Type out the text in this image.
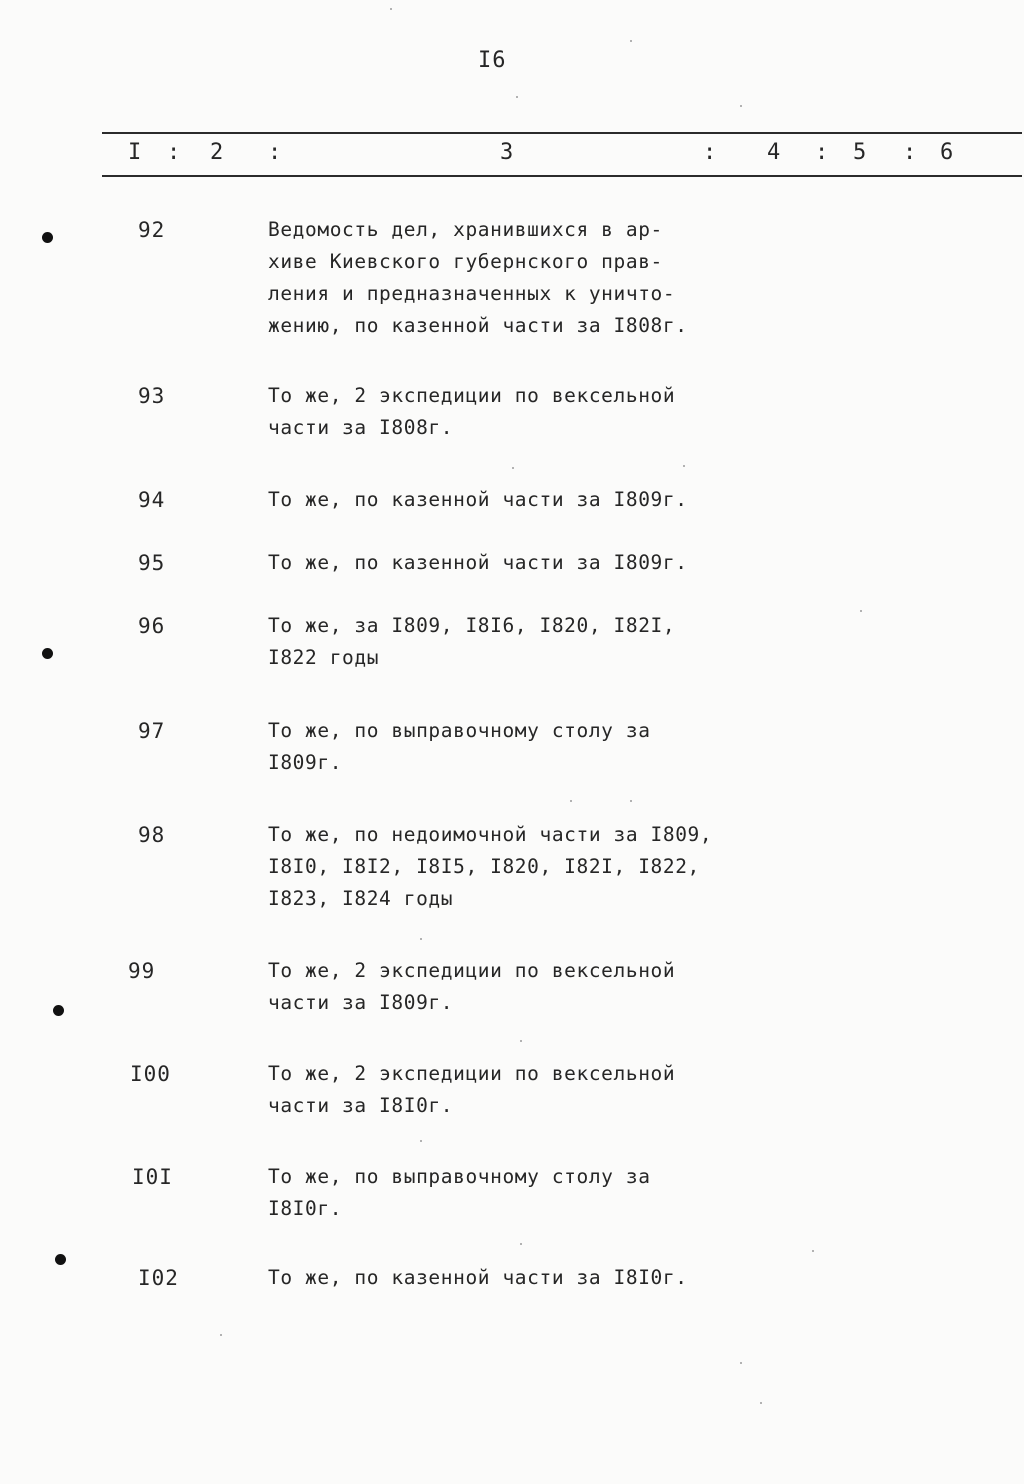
I6
I : 2 :	3	: 4 : 5 : 6
92	Ведомость дел, хранившихся в ар-
хиве Киевского губернского прав-
ления и предназначенных к уничто-
жению, по казенной части за I808г.
93	То же, 2 экспедиции по вексельной
части за I808г.
94	То же, по казенной части за I809г.
95	То же, по казенной части за I809г.
96	То же, за I809, I8I6, I820, I82I,
I822 годы
97	То же, по выправочному столу за
I809г.
98	То же, по недоимочной части за I809,
I8I0, I8I2, I8I5, I820, I82I, I822,
I823, I824 годы
99	То же, 2 экспедиции по вексельной
части за I809г.
I00	То же, 2 экспедиции по вексельной
части за I8I0г.
I0I	То же, по выправочному столу за
I8I0г.
I02	То же, по казенной части за I8I0г.
